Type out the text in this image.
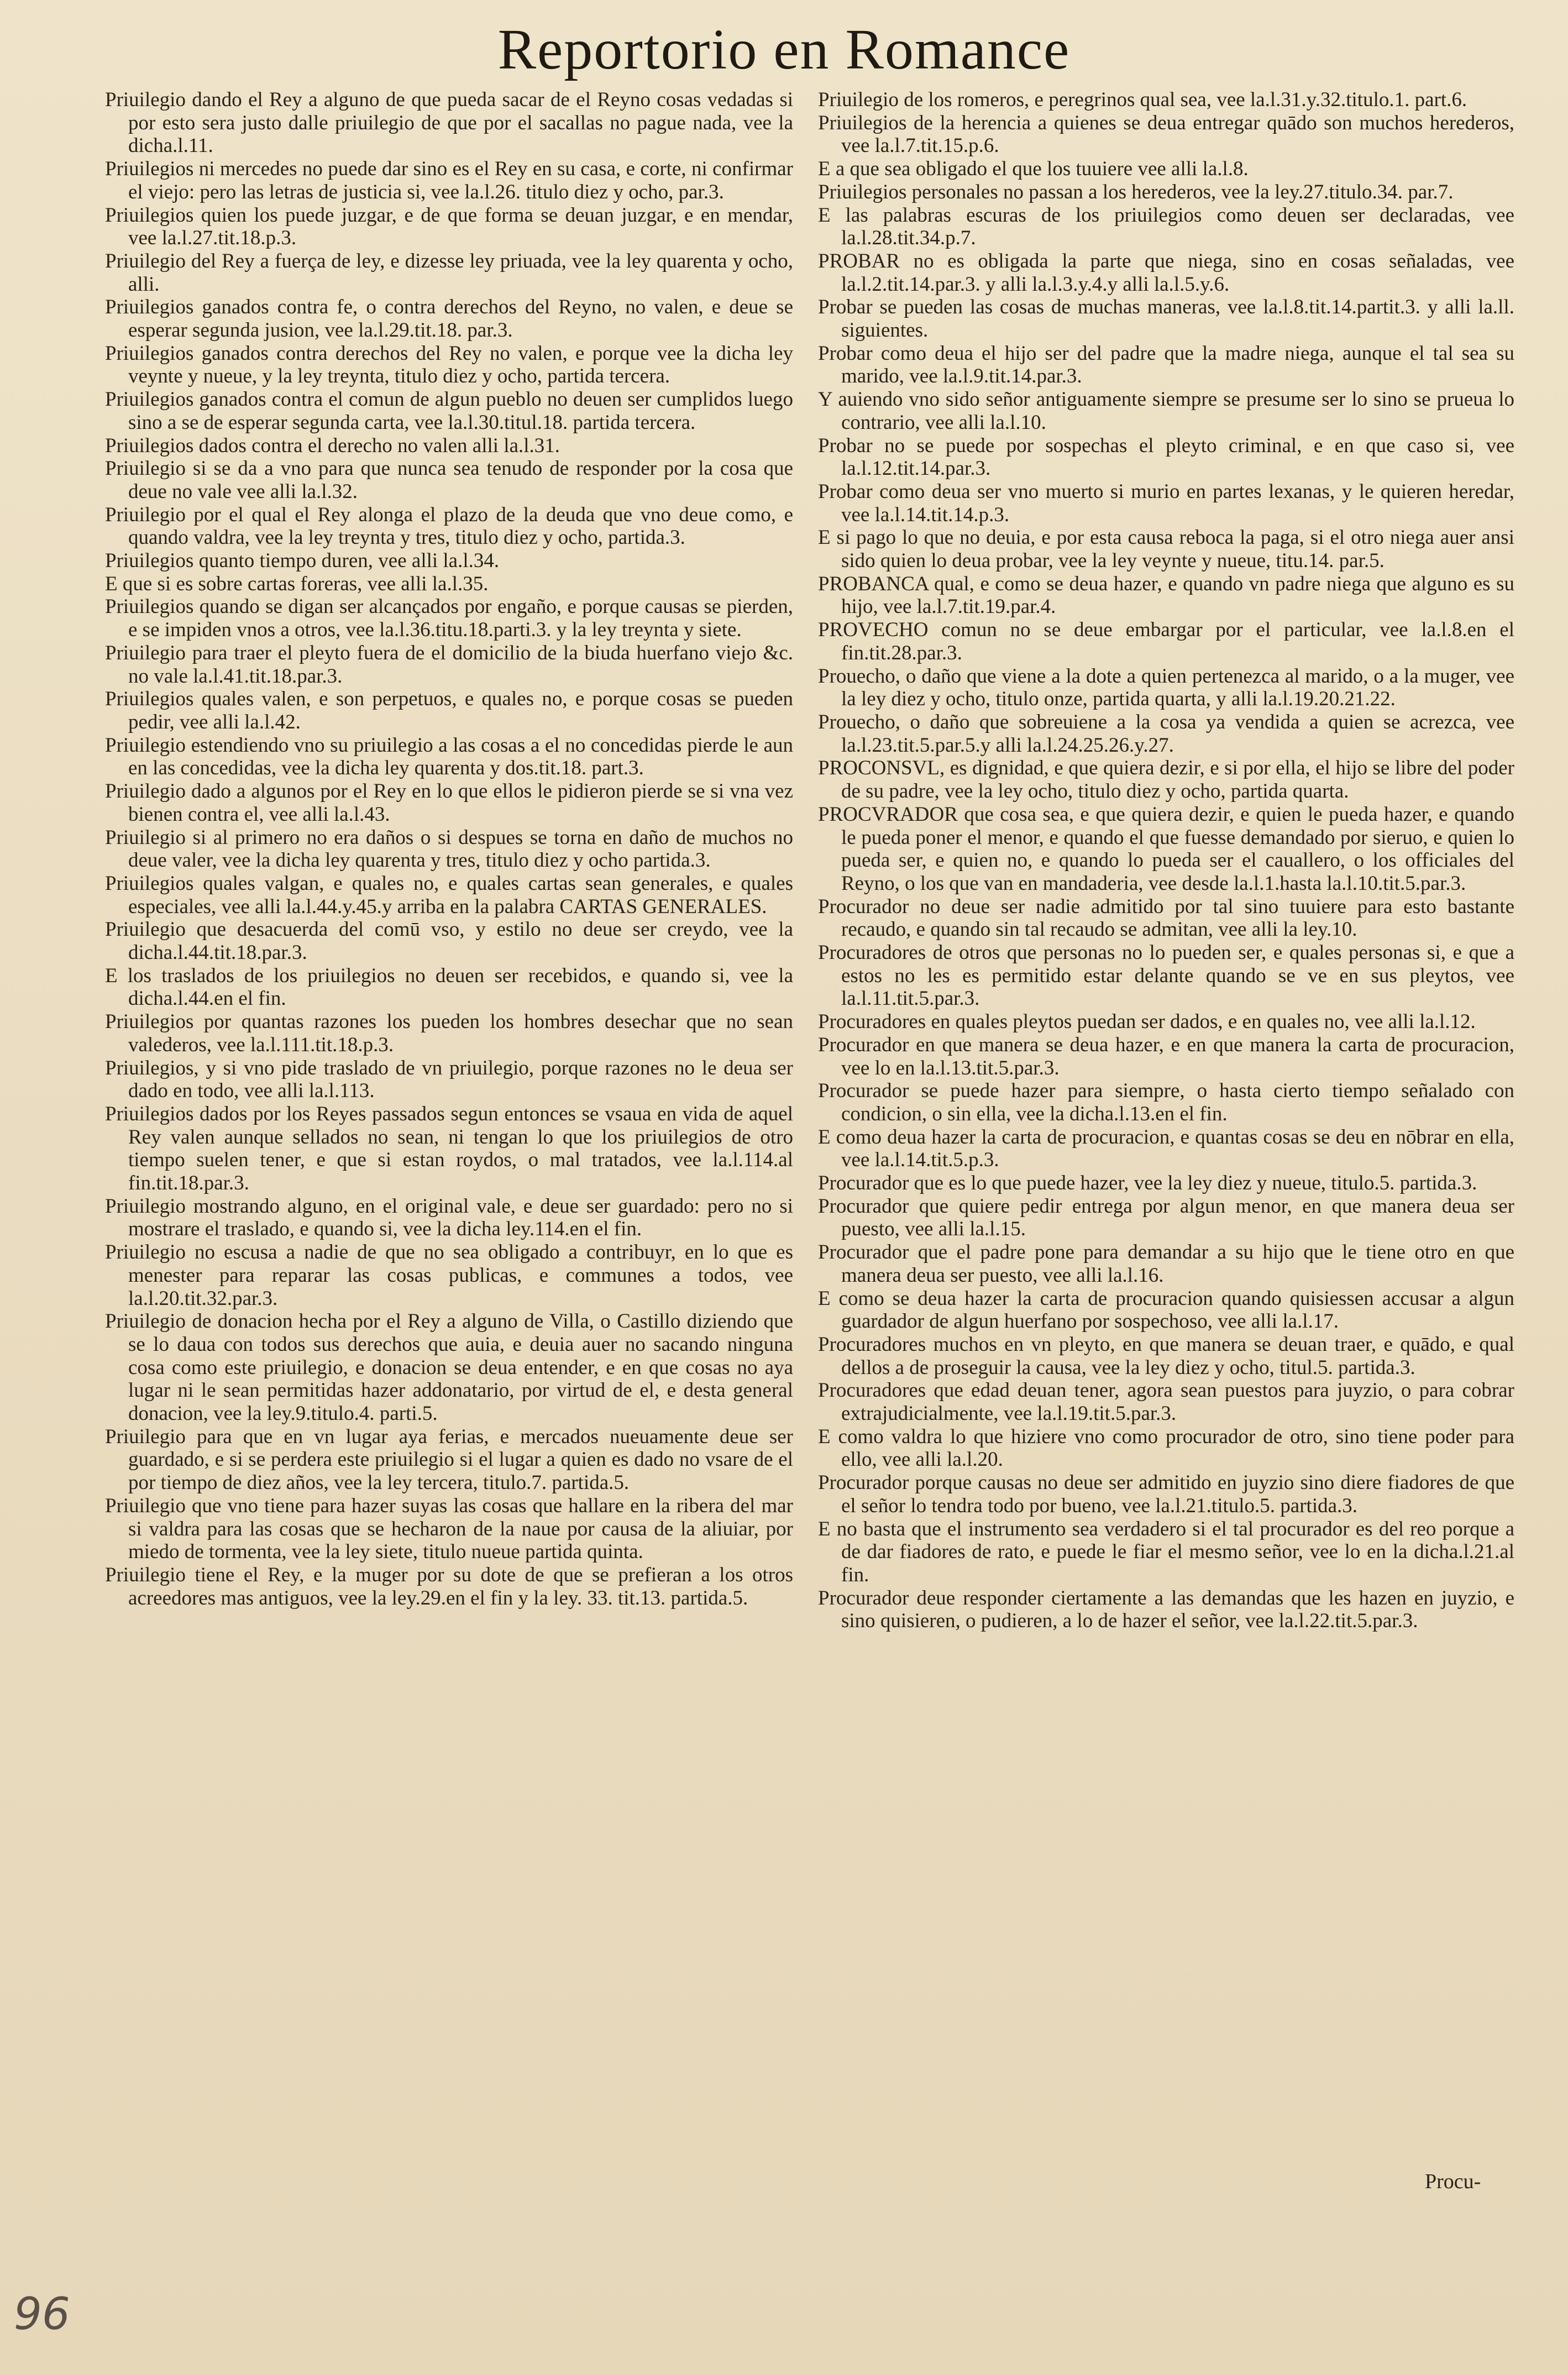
Reportorio en Romance

Priuilegio dando el Rey a alguno de que pueda sacar de el Reyno cosas vedadas si por esto sera justo dalle priuilegio de que por el sacallas no pague nada, vee la dicha.l.11.

Priuilegios ni mercedes no puede dar sino es el Rey en su casa, e corte, ni confirmar el viejo: pero las letras de justicia si, vee la.l.26. titulo diez y ocho, par.3.

Priuilegios quien los puede juzgar, e de que forma se deuan juzgar, e en mendar, vee la.l.27.tit.18.p.3.

Priuilegio del Rey a fuerça de ley, e dizesse ley priuada, vee la ley quarenta y ocho, alli.

Priuilegios ganados contra fe, o contra derechos del Reyno, no valen, e deue se esperar segunda jusion, vee la.l.29.tit.18. par.3.

Priuilegios ganados contra derechos del Rey no valen, e porque vee la dicha ley veynte y nueue, y la ley treynta, titulo diez y ocho, partida tercera.

Priuilegios ganados contra el comun de algun pueblo no deuen ser cumplidos luego sino a se de esperar segunda carta, vee la.l.30.titul.18. partida tercera.

Priuilegios dados contra el derecho no valen alli la.l.31.

Priuilegio si se da a vno para que nunca sea tenudo de responder por la cosa que deue no vale vee alli la.l.32.

Priuilegio por el qual el Rey alonga el plazo de la deuda que vno deue como, e quando valdra, vee la ley treynta y tres, titulo diez y ocho, partida.3.

Priuilegios quanto tiempo duren, vee alli la.l.34.

E que si es sobre cartas foreras, vee alli la.l.35.

Priuilegios quando se digan ser alcançados por engaño, e porque causas se pierden, e se impiden vnos a otros, vee la.l.36.titu.18.parti.3. y la ley treynta y siete.

Priuilegio para traer el pleyto fuera de el domicilio de la biuda huerfano viejo &c. no vale la.l.41.tit.18.par.3.

Priuilegios quales valen, e son perpetuos, e quales no, e porque cosas se pueden pedir, vee alli la.l.42.

Priuilegio estendiendo vno su priuilegio a las cosas a el no concedidas pierde le aun en las concedidas, vee la dicha ley quarenta y dos.tit.18. part.3.

Priuilegio dado a algunos por el Rey en lo que ellos le pidieron pierde se si vna vez bienen contra el, vee alli la.l.43.

Priuilegio si al primero no era daños o si despues se torna en daño de muchos no deue valer, vee la dicha ley quarenta y tres, titulo diez y ocho partida.3.

Priuilegios quales valgan, e quales no, e quales cartas sean generales, e quales especiales, vee alli la.l.44.y.45.y arriba en la palabra CARTAS GENERALES.

Priuilegio que desacuerda del comū vso, y estilo no deue ser creydo, vee la dicha.l.44.tit.18.par.3.

E los traslados de los priuilegios no deuen ser recebidos, e quando si, vee la dicha.l.44.en el fin.

Priuilegios por quantas razones los pueden los hombres desechar que no sean valederos, vee la.l.111.tit.18.p.3.

Priuilegios, y si vno pide traslado de vn priuilegio, porque razones no le deua ser dado en todo, vee alli la.l.113.

Priuilegios dados por los Reyes passados segun entonces se vsaua en vida de aquel Rey valen aunque sellados no sean, ni tengan lo que los priuilegios de otro tiempo suelen tener, e que si estan roydos, o mal tratados, vee la.l.114.al fin.tit.18.par.3.

Priuilegio mostrando alguno, en el original vale, e deue ser guardado: pero no si mostrare el traslado, e quando si, vee la dicha ley.114.en el fin.

Priuilegio no escusa a nadie de que no sea obligado a contribuyr, en lo que es menester para reparar las cosas publicas, e communes a todos, vee la.l.20.tit.32.par.3.

Priuilegio de donacion hecha por el Rey a alguno de Villa, o Castillo diziendo que se lo daua con todos sus derechos que auia, e deuia auer no sacando ninguna cosa como este priuilegio, e donacion se deua entender, e en que cosas no aya lugar ni le sean permitidas hazer addonatario, por virtud de el, e desta general donacion, vee la ley.9.titulo.4. parti.5.

Priuilegio para que en vn lugar aya ferias, e mercados nueuamente deue ser guardado, e si se perdera este priuilegio si el lugar a quien es dado no vsare de el por tiempo de diez años, vee la ley tercera, titulo.7. partida.5.

Priuilegio que vno tiene para hazer suyas las cosas que hallare en la ribera del mar si valdra para las cosas que se hecharon de la naue por causa de la aliuiar, por miedo de tormenta, vee la ley siete, titulo nueue partida quinta.

Priuilegio tiene el Rey, e la muger por su dote de que se prefieran a los otros acreedores mas antiguos, vee la ley.29.en el fin y la ley. 33. tit.13. partida.5.

Priuilegio de los romeros, e peregrinos qual sea, vee la.l.31.y.32.titulo.1. part.6.

Priuilegios de la herencia a quienes se deua entregar quādo son muchos herederos, vee la.l.7.tit.15.p.6.

E a que sea obligado el que los tuuiere vee alli la.l.8.

Priuilegios personales no passan a los herederos, vee la ley.27.titulo.34. par.7.

E las palabras escuras de los priuilegios como deuen ser declaradas, vee la.l.28.tit.34.p.7.

PROBAR no es obligada la parte que niega, sino en cosas señaladas, vee la.l.2.tit.14.par.3. y alli la.l.3.y.4.y alli la.l.5.y.6.

Probar se pueden las cosas de muchas maneras, vee la.l.8.tit.14.partit.3. y alli la.ll. siguientes.

Probar como deua el hijo ser del padre que la madre niega, aunque el tal sea su marido, vee la.l.9.tit.14.par.3.

Y auiendo vno sido señor antiguamente siempre se presume ser lo sino se prueua lo contrario, vee alli la.l.10.

Probar no se puede por sospechas el pleyto criminal, e en que caso si, vee la.l.12.tit.14.par.3.

Probar como deua ser vno muerto si murio en partes lexanas, y le quieren heredar, vee la.l.14.tit.14.p.3.

E si pago lo que no deuia, e por esta causa reboca la paga, si el otro niega auer ansi sido quien lo deua probar, vee la ley veynte y nueue, titu.14. par.5.

PROBANCA qual, e como se deua hazer, e quando vn padre niega que alguno es su hijo, vee la.l.7.tit.19.par.4.

PROVECHO comun no se deue embargar por el particular, vee la.l.8.en el fin.tit.28.par.3.

Prouecho, o daño que viene a la dote a quien pertenezca al marido, o a la muger, vee la ley diez y ocho, titulo onze, partida quarta, y alli la.l.19.20.21.22.

Prouecho, o daño que sobreuiene a la cosa ya vendida a quien se acrezca, vee la.l.23.tit.5.par.5.y alli la.l.24.25.26.y.27.

PROCONSVL, es dignidad, e que quiera dezir, e si por ella, el hijo se libre del poder de su padre, vee la ley ocho, titulo diez y ocho, partida quarta.

PROCVRADOR que cosa sea, e que quiera dezir, e quien le pueda hazer, e quando le pueda poner el menor, e quando el que fuesse demandado por sieruo, e quien lo pueda ser, e quien no, e quando lo pueda ser el cauallero, o los officiales del Reyno, o los que van en mandaderia, vee desde la.l.1.hasta la.l.10.tit.5.par.3.

Procurador no deue ser nadie admitido por tal sino tuuiere para esto bastante recaudo, e quando sin tal recaudo se admitan, vee alli la ley.10.

Procuradores de otros que personas no lo pueden ser, e quales personas si, e que a estos no les es permitido estar delante quando se ve en sus pleytos, vee la.l.11.tit.5.par.3.

Procuradores en quales pleytos puedan ser dados, e en quales no, vee alli la.l.12.

Procurador en que manera se deua hazer, e en que manera la carta de procuracion, vee lo en la.l.13.tit.5.par.3.

Procurador se puede hazer para siempre, o hasta cierto tiempo señalado con condicion, o sin ella, vee la dicha.l.13.en el fin.

E como deua hazer la carta de procuracion, e quantas cosas se deu en nōbrar en ella, vee la.l.14.tit.5.p.3.

Procurador que es lo que puede hazer, vee la ley diez y nueue, titulo.5. partida.3.

Procurador que quiere pedir entrega por algun menor, en que manera deua ser puesto, vee alli la.l.15.

Procurador que el padre pone para demandar a su hijo que le tiene otro en que manera deua ser puesto, vee alli la.l.16.

E como se deua hazer la carta de procuracion quando quisiessen accusar a algun guardador de algun huerfano por sospechoso, vee alli la.l.17.

Procuradores muchos en vn pleyto, en que manera se deuan traer, e quādo, e qual dellos a de proseguir la causa, vee la ley diez y ocho, titul.5. partida.3.

Procuradores que edad deuan tener, agora sean puestos para juyzio, o para cobrar extrajudicialmente, vee la.l.19.tit.5.par.3.

E como valdra lo que hiziere vno como procurador de otro, sino tiene poder para ello, vee alli la.l.20.

Procurador porque causas no deue ser admitido en juyzio sino diere fiadores de que el señor lo tendra todo por bueno, vee la.l.21.titulo.5. partida.3.

E no basta que el instrumento sea verdadero si el tal procurador es del reo porque a de dar fiadores de rato, e puede le fiar el mesmo señor, vee lo en la dicha.l.21.al fin.

Procurador deue responder ciertamente a las demandas que les hazen en juyzio, e sino quisieren, o pudieren, a lo de hazer el señor, vee la.l.22.tit.5.par.3.

Procu-
96
